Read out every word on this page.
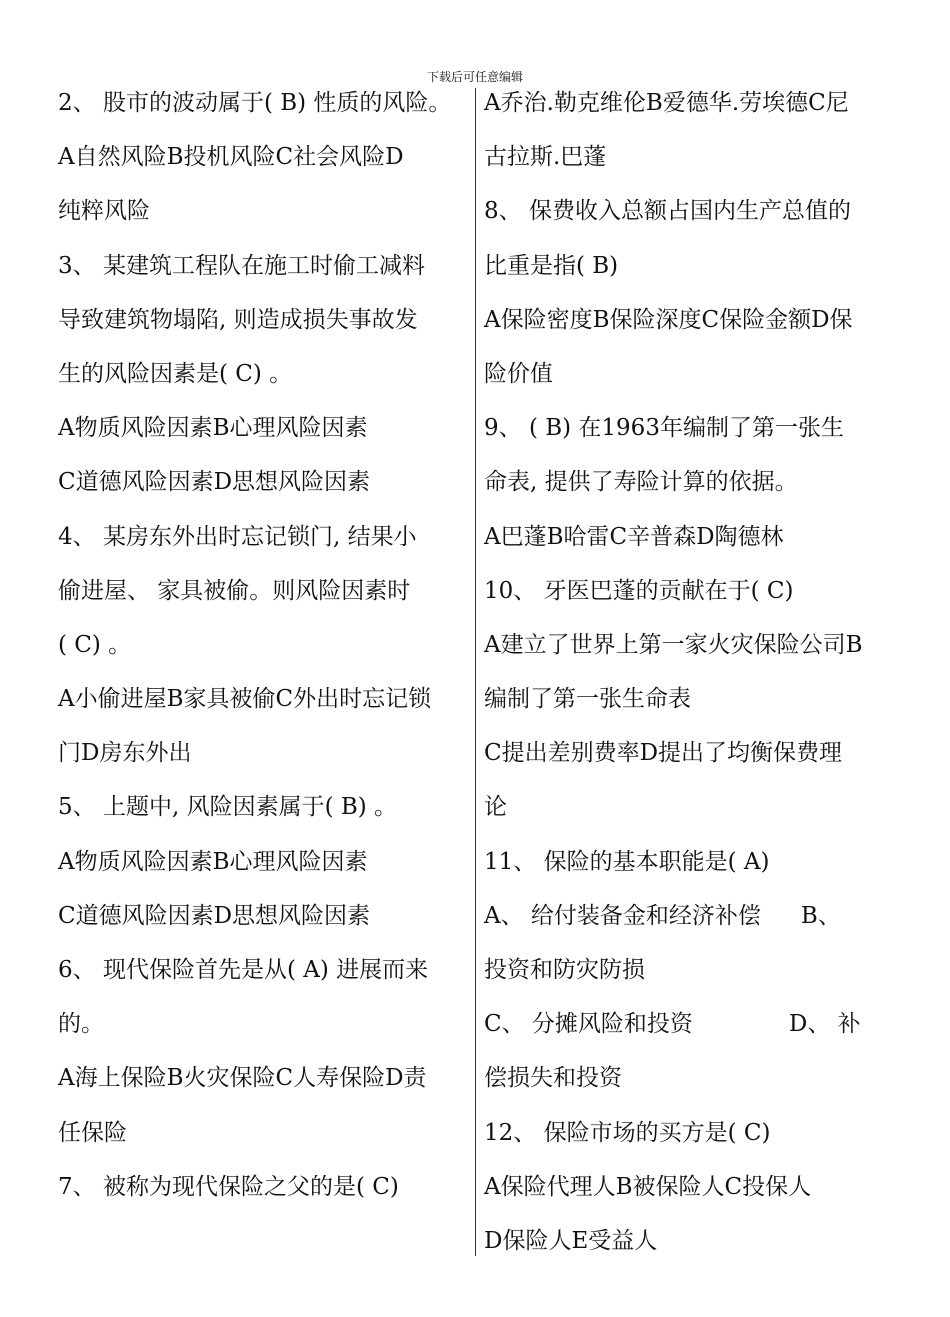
下载后可任意编辑
2、 股市的波动属于( B) 性质的风险。
A自然风险B投机风险C社会风险D
纯粹风险
3、 某建筑工程队在施工时偷工减料
导致建筑物塌陷, 则造成损失事故发
生的风险因素是( C) 。
A物质风险因素B心理风险因素
C道德风险因素D思想风险因素
4、 某房东外出时忘记锁门, 结果小
偷进屋、 家具被偷。则风险因素时
( C) 。
A小偷进屋B家具被偷C外出时忘记锁
门D房东外出
5、 上题中, 风险因素属于( B) 。
A物质风险因素B心理风险因素
C道德风险因素D思想风险因素
6、 现代保险首先是从( A) 进展而来
的。
A海上保险B火灾保险C人寿保险D责
任保险
7、 被称为现代保险之父的是( C)
A乔治.勒克维伦B爱德华.劳埃德C尼
古拉斯.巴蓬
8、 保费收入总额占国内生产总值的
比重是指( B)
A保险密度B保险深度C保险金额D保
险价值
9、 ( B) 在1963年编制了第一张生
命表, 提供了寿险计算的依据。
A巴蓬B哈雷C辛普森D陶德林
10、 牙医巴蓬的贡献在于( C)
A建立了世界上第一家火灾保险公司B
编制了第一张生命表
C提出差别费率D提出了均衡保费理
论
11、 保险的基本职能是( A)
A、 给付装备金和经济补偿 B、
投资和防灾防损
C、 分摊风险和投资	D、 补
偿损失和投资
12、 保险市场的买方是( C)
A保险代理人B被保险人C投保人
D保险人E受益人
